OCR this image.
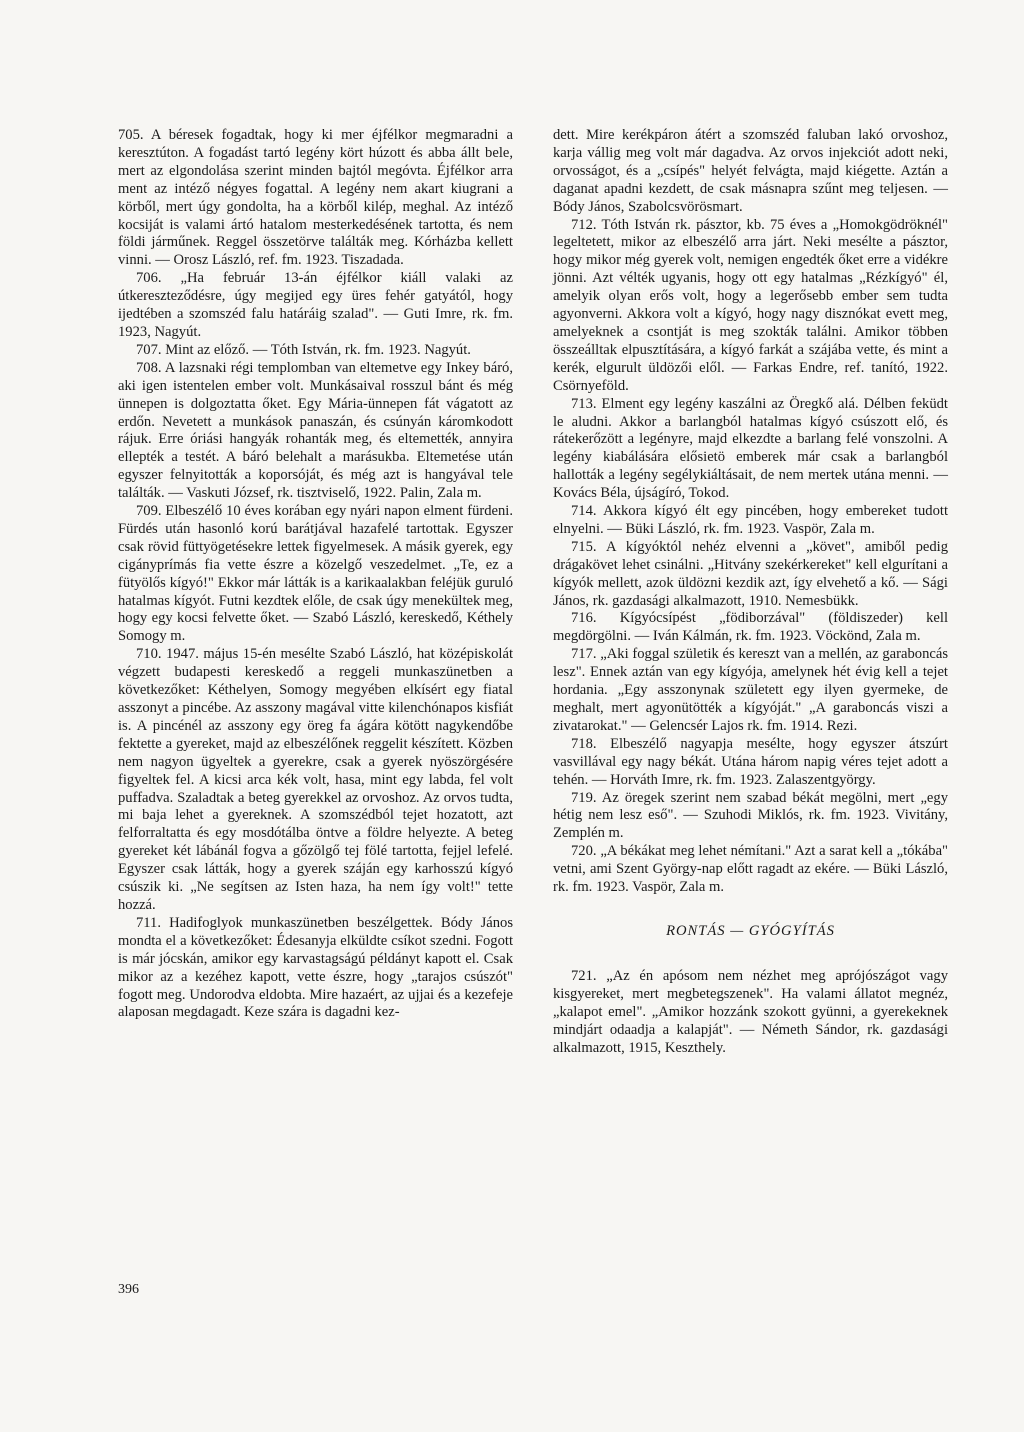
705. A béresek fogadtak, hogy ki mer éjfélkor megmaradni a keresztúton. A fogadást tartó legény kört húzott és abba állt bele, mert az elgondolása szerint minden bajtól megóvta. Éjfélkor arra ment az intéző négyes fogattal. A legény nem akart kiugrani a körből, mert úgy gondolta, ha a körből kilép, meghal. Az intéző kocsiját is valami ártó hatalom mesterkedésének tartotta, és nem földi járműnek. Reggel összetörve találták meg. Kórházba kellett vinni. — Orosz László, ref. fm. 1923. Tiszadada.

706. „Ha február 13-án éjfélkor kiáll valaki az útkereszteződésre, úgy megijed egy üres fehér gatyától, hogy ijedtében a szomszéd falu határáig szalad". — Guti Imre, rk. fm. 1923, Nagyút.

707. Mint az előző. — Tóth István, rk. fm. 1923. Nagyút.

708. A lazsnaki régi templomban van eltemetve egy Inkey báró, aki igen istentelen ember volt. Munkásaival rosszul bánt és még ünnepen is dolgoztatta őket. Egy Mária-ünnepen fát vágatott az erdőn. Nevetett a munkások panaszán, és csúnyán káromkodott rájuk. Erre óriási hangyák rohanták meg, és eltemették, annyira ellepték a testét. A báró belehalt a marásukba. Eltemetése után egyszer felnyitották a koporsóját, és még azt is hangyával tele találták. — Vaskuti József, rk. tisztviselő, 1922. Palin, Zala m.

709. Elbeszélő 10 éves korában egy nyári napon elment fürdeni. Fürdés után hasonló korú barátjával hazafelé tartottak. Egyszer csak rövid füttyögetésekre lettek figyelmesek. A másik gyerek, egy cigányprímás fia vette észre a közelgő veszedelmet. „Te, ez a fütyölős kígyó!" Ekkor már látták is a karikaalakban feléjük guruló hatalmas kígyót. Futni kezdtek előle, de csak úgy menekültek meg, hogy egy kocsi felvette őket. — Szabó László, kereskedő, Kéthely Somogy m.

710. 1947. május 15-én mesélte Szabó László, hat középiskolát végzett budapesti kereskedő a reggeli munkaszünetben a következőket: Kéthelyen, Somogy megyében elkísért egy fiatal asszonyt a pincébe. Az asszony magával vitte kilenchónapos kisfiát is. A pincénél az asszony egy öreg fa ágára kötött nagykendőbe fektette a gyereket, majd az elbeszélőnek reggelit készített. Közben nem nagyon ügyeltek a gyerekre, csak a gyerek nyöszörgésére figyeltek fel. A kicsi arca kék volt, hasa, mint egy labda, fel volt puffadva. Szaladtak a beteg gyerekkel az orvoshoz. Az orvos tudta, mi baja lehet a gyereknek. A szomszédból tejet hozatott, azt felforraltatta és egy mosdótálba öntve a földre helyezte. A beteg gyereket két lábánál fogva a gőzölgő tej fölé tartotta, fejjel lefelé. Egyszer csak látták, hogy a gyerek száján egy karhosszú kígyó csúszik ki. „Ne segítsen az Isten haza, ha nem így volt!" tette hozzá.

711. Hadifoglyok munkaszünetben beszélgettek. Bódy János mondta el a következőket: Édesanyja elküldte csíkot szedni. Fogott is már jócskán, amikor egy karvastagságú példányt kapott el. Csak mikor az a kezéhez kapott, vette észre, hogy „tarajos csúszót" fogott meg. Undorodva eldobta. Mire hazaért, az ujjai és a kezefeje alaposan megdagadt. Keze szára is dagadni kez-

dett. Mire kerékpáron átért a szomszéd faluban lakó orvoshoz, karja vállig meg volt már dagadva. Az orvos injekciót adott neki, orvosságot, és a „csípés" helyét felvágta, majd kiégette. Aztán a daganat apadni kezdett, de csak másnapra szűnt meg teljesen. — Bódy János, Szabolcsvörösmart.

712. Tóth István rk. pásztor, kb. 75 éves a „Homokgödröknél" legeltetett, mikor az elbeszélő arra járt. Neki mesélte a pásztor, hogy mikor még gyerek volt, nemigen engedték őket erre a vidékre jönni. Azt vélték ugyanis, hogy ott egy hatalmas „Rézkígyó" él, amelyik olyan erős volt, hogy a legerősebb ember sem tudta agyonverni. Akkora volt a kígyó, hogy nagy disznókat evett meg, amelyeknek a csontját is meg szokták találni. Amikor többen összeálltak elpusztítására, a kígyó farkát a szájába vette, és mint a kerék, elgurult üldözői elől. — Farkas Endre, ref. tanító, 1922. Csörnyeföld.

713. Elment egy legény kaszálni az Öregkő alá. Délben feküdt le aludni. Akkor a barlangból hatalmas kígyó csúszott elő, és rátekerőzött a legényre, majd elkezdte a barlang felé vonszolni. A legény kiabálására elősietö emberek már csak a barlangból hallották a legény segélykiáltásait, de nem mertek utána menni. — Kovács Béla, újságíró, Tokod.

714. Akkora kígyó élt egy pincében, hogy embereket tudott elnyelni. — Büki László, rk. fm. 1923. Vaspör, Zala m.

715. A kígyóktól nehéz elvenni a „követ", amiből pedig drágakövet lehet csinálni. „Hitvány szekérkereket" kell elgurítani a kígyók mellett, azok üldözni kezdik azt, így elvehető a kő. — Sági János, rk. gazdasági alkalmazott, 1910. Nemesbükk.

716. Kígyócsípést „födiborzával" (földiszeder) kell megdörgölni. — Iván Kálmán, rk. fm. 1923. Vöckönd, Zala m.

717. „Aki foggal születik és kereszt van a mellén, az garaboncás lesz". Ennek aztán van egy kígyója, amelynek hét évig kell a tejet hordania. „Egy asszonynak született egy ilyen gyermeke, de meghalt, mert agyonütötték a kígyóját." „A garaboncás viszi a zivatarokat." — Gelencsér Lajos rk. fm. 1914. Rezi.

718. Elbeszélő nagyapja mesélte, hogy egyszer átszúrt vasvillával egy nagy békát. Utána három napig véres tejet adott a tehén. — Horváth Imre, rk. fm. 1923. Zalaszentgyörgy.

719. Az öregek szerint nem szabad békát megölni, mert „egy hétig nem lesz eső". — Szuhodi Miklós, rk. fm. 1923. Vivitány, Zemplén m.

720. „A békákat meg lehet némítani." Azt a sarat kell a „tókába" vetni, ami Szent György-nap előtt ragadt az ekére. — Büki László, rk. fm. 1923. Vaspör, Zala m.

RONTÁS — GYÓGYÍTÁS

721. „Az én apósom nem nézhet meg aprójószágot vagy kisgyereket, mert megbetegszenek". Ha valami állatot megnéz, „kalapot emel". „Amikor hozzánk szokott gyünni, a gyerekeknek mindjárt odaadja a kalapját". — Németh Sándor, rk. gazdasági alkalmazott, 1915, Keszthely.

396
